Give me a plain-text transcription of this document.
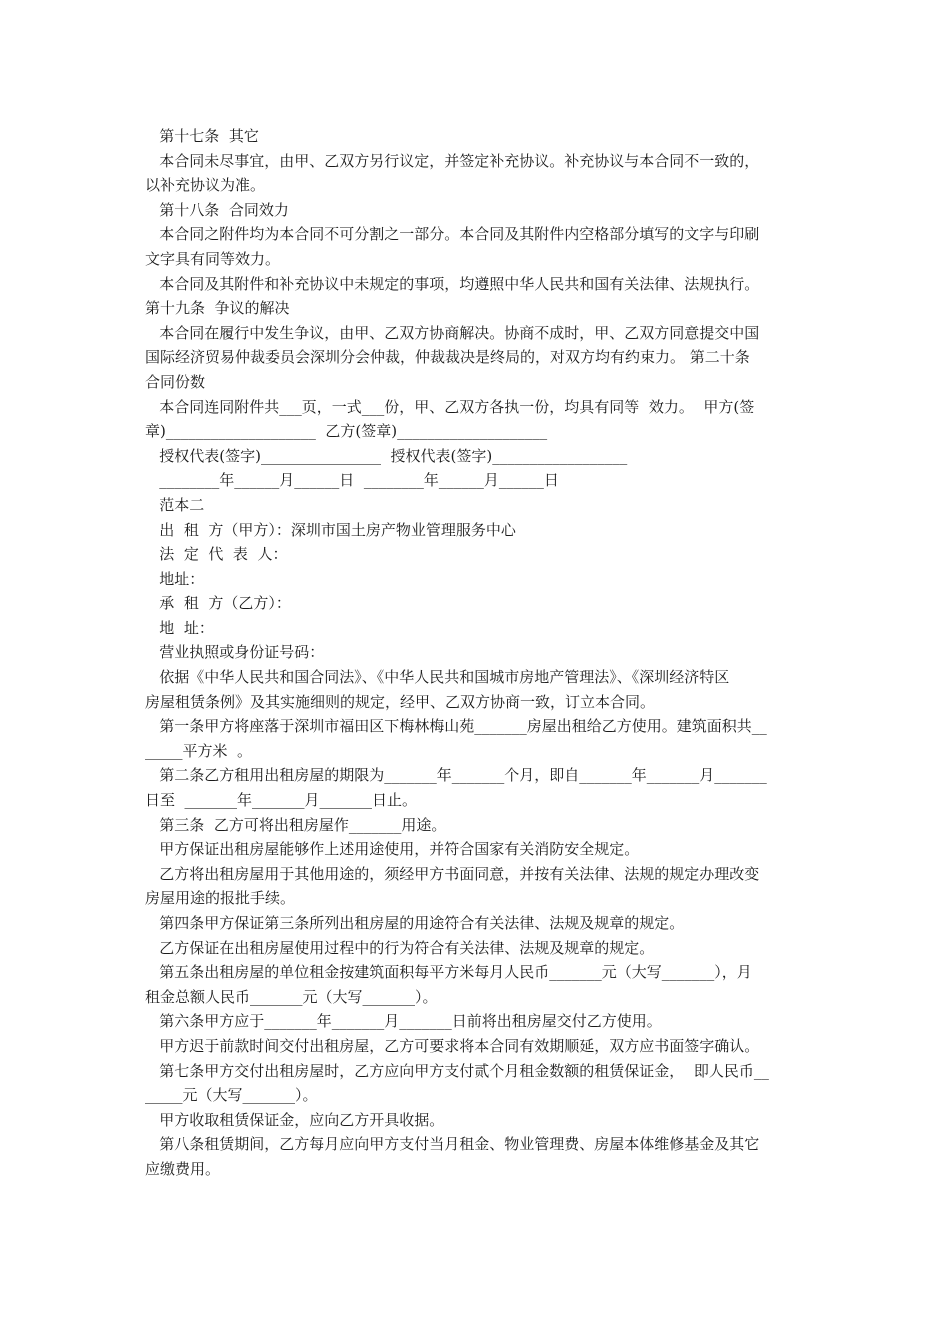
第十七条  其它
本合同未尽事宜，由甲、乙双方另行议定，并签定补充协议。补充协议与本合同不一致的，
以补充协议为准。
第十八条  合同效力
本合同之附件均为本合同不可分割之一部分。本合同及其附件内空格部分填写的文字与印刷
文字具有同等效力。
本合同及其附件和补充协议中未规定的事项，均遵照中华人民共和国有关法律、法规执行。
第十九条  争议的解决
本合同在履行中发生争议，由甲、乙双方协商解决。协商不成时，甲、乙双方同意提交中国
国际经济贸易仲裁委员会深圳分会仲裁，仲裁裁决是终局的，对双方均有约束力。 第二十条
合同份数
本合同连同附件共___页，一式___份，甲、乙双方各执一份，均具有同等  效力。  甲方(签
章)____________________  乙方(签章)____________________
授权代表(签字)________________  授权代表(签字)__________________
________年______月______日  ________年______月______日
范本二
出  租  方（甲方）：深圳市国土房产物业管理服务中心
法  定  代  表  人：
地址：
承  租  方（乙方）：
地  址：
营业执照或身份证号码：
依据《中华人民共和国合同法》、《中华人民共和国城市房地产管理法》、《深圳经济特区
房屋租赁条例》及其实施细则的规定，经甲、乙双方协商一致，订立本合同。
第一条甲方将座落于深圳市福田区下梅林梅山苑_______房屋出租给乙方使用。建筑面积共__
_____平方米  。
第二条乙方租用出租房屋的期限为_______年_______个月，即自_______年_______月_______
日至  _______年_______月_______日止。
第三条  乙方可将出租房屋作_______用途。
甲方保证出租房屋能够作上述用途使用，并符合国家有关消防安全规定。
乙方将出租房屋用于其他用途的，须经甲方书面同意，并按有关法律、法规的规定办理改变
房屋用途的报批手续。
第四条甲方保证第三条所列出租房屋的用途符合有关法律、法规及规章的规定。
乙方保证在出租房屋使用过程中的行为符合有关法律、法规及规章的规定。
第五条出租房屋的单位租金按建筑面积每平方米每月人民币_______元（大写_______），月
租金总额人民币_______元（大写_______）。
第六条甲方应于_______年_______月_______日前将出租房屋交付乙方使用。
甲方迟于前款时间交付出租房屋，乙方可要求将本合同有效期顺延，双方应书面签字确认。
第七条甲方交付出租房屋时，乙方应向甲方支付贰个月租金数额的租赁保证金，  即人民币__
_____元（大写_______）。
甲方收取租赁保证金，应向乙方开具收据。
第八条租赁期间，乙方每月应向甲方支付当月租金、物业管理费、房屋本体维修基金及其它
应缴费用。
